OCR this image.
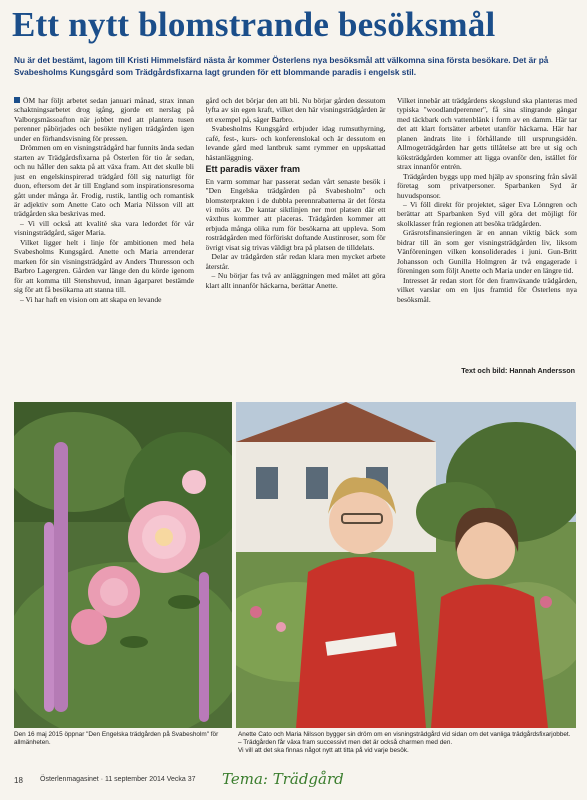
Ett nytt blomstrande besöksmål
Nu är det bestämt, lagom till Kristi Himmelsfärd nästa år kommer Österlens nya besöksmål att välkomna sina första besökare. Det är på Svabesholms Kungsgård som Trädgårdsfixarna lagt grunden för ett blommande paradis i engelsk stil.

ÖM har följt arbetet sedan januari månad, strax innan schaktningsarbetet drog igång, gjorde ett nerslag på Valborgsmässoafton när jobbet med att plantera tusen perenner påbörjades och besökte nyligen trädgården igen under en förhandsvisning för pressen.

Drömmen om en visningsträdgård har funnits ända sedan starten av Trädgårdsfixarna på Österlen för tio år sedan, och nu håller den sakta på att växa fram. Att det skulle bli just en engelskinspirerad trädgård föll sig naturligt för duon, eftersom det är till England som inspirationsresorna gått under många år. Frodig, rustik, lantlig och romantisk är adjektiv som Anette Cato och Maria Nilsson vill att trädgården ska beskrivas med.

– Vi vill också att kvalité ska vara ledordet för vår visningsträdgård, säger Maria.

Vilket ligger helt i linje för ambitionen med hela Svabesholms Kungsgård. Anette och Maria arrenderar marken för sin visningsträdgård av Anders Thuresson och Barbro Lagergren. Gården var länge den du körde igenom för att komma till Stenshuvud, innan ägarparet bestämde sig för att få besökarna att stanna till.

– Vi har haft en vision om att skapa en levande

gård och det börjar den att bli. Nu börjar gården dessutom lyfta av sin egen kraft, vilket den här visningsträdgården är ett exempel på, säger Barbro.

Svabesholms Kungsgård erbjuder idag rumsuthyrning, café, fest-, kurs- och konferenslokal och är dessutom en levande gård med lantbruk samt rymmer en uppskattad hästanläggning.

Ett paradis växer fram

En varm sommar har passerat sedan vårt senaste besök i "Den Engelska trädgården på Svabesholm" och blomsterprakten i de dubbla perennrabatterna är det första vi möts av. De kantar siktlinjen ner mot platsen där ett växthus kommer att placeras. Trädgården kommer att erbjuda många olika rum för besökarna att uppleva. Som rosträdgården med förföriskt doftande Austinroser, som för övrigt visat sig trivas väldigt bra på platsen de tilldelats.

Delar av trädgården står redan klara men mycket arbete återstår.

– Nu börjar fas två av anläggningen med målet att göra klart allt innanför häckarna, berättar Anette.

Vilket innebär att trädgårdens skogslund ska planteras med typiska "woodlandperenner", få sina slingrande gångar med täckbark och vattenblänk i form av en damm. Här tar det att klart fortsätter arbetet utanför häckarna. Här har planen ändrats lite i förhållande till ursprungsidén. Allmogeträdgården har getts tillåtelse att bre ut sig och köksträdgården kommer att ligga ovanför den, istället för strax innanför entrén.

Trädgården byggs upp med hjälp av sponsring från såväl företag som privatpersoner. Sparbanken Syd är huvudsponsor.

– Vi föll direkt för projektet, säger Eva Lönngren och berättar att Sparbanken Syd vill göra det möjligt för skolklasser från regionen att besöka trädgården.

Gräsrotsfinansieringen är en annan viktig bäck som bidrar till än som ger visningsträdgården liv, liksom Vänföreningen vilken konsoliderades i juni. Gun-Britt Johansson och Gunilla Holmgren är två engagerade i föreningen som följt Anette och Maria under en längre tid.

Intresset är redan stort för den framväxande trädgården, vilket varslar om en ljus framtid för Österlens nya besöksmål.

Text och bild: Hannah Andersson
Den 16 maj 2015 öppnar "Den Engelska trädgården på Svabesholm" för allmänheten.
Anette Cato och Maria Nilsson bygger sin dröm om en visningsträdgård vid sidan om det vanliga trädgårdsfixarjobbet.
– Trädgården får växa fram successivt men det är också charmen med den.
Vi vill att det ska finnas något nytt att titta på vid varje besök.
18 Österlenmagasinet · 11 september 2014 Vecka 37 Tema: Trädgård
